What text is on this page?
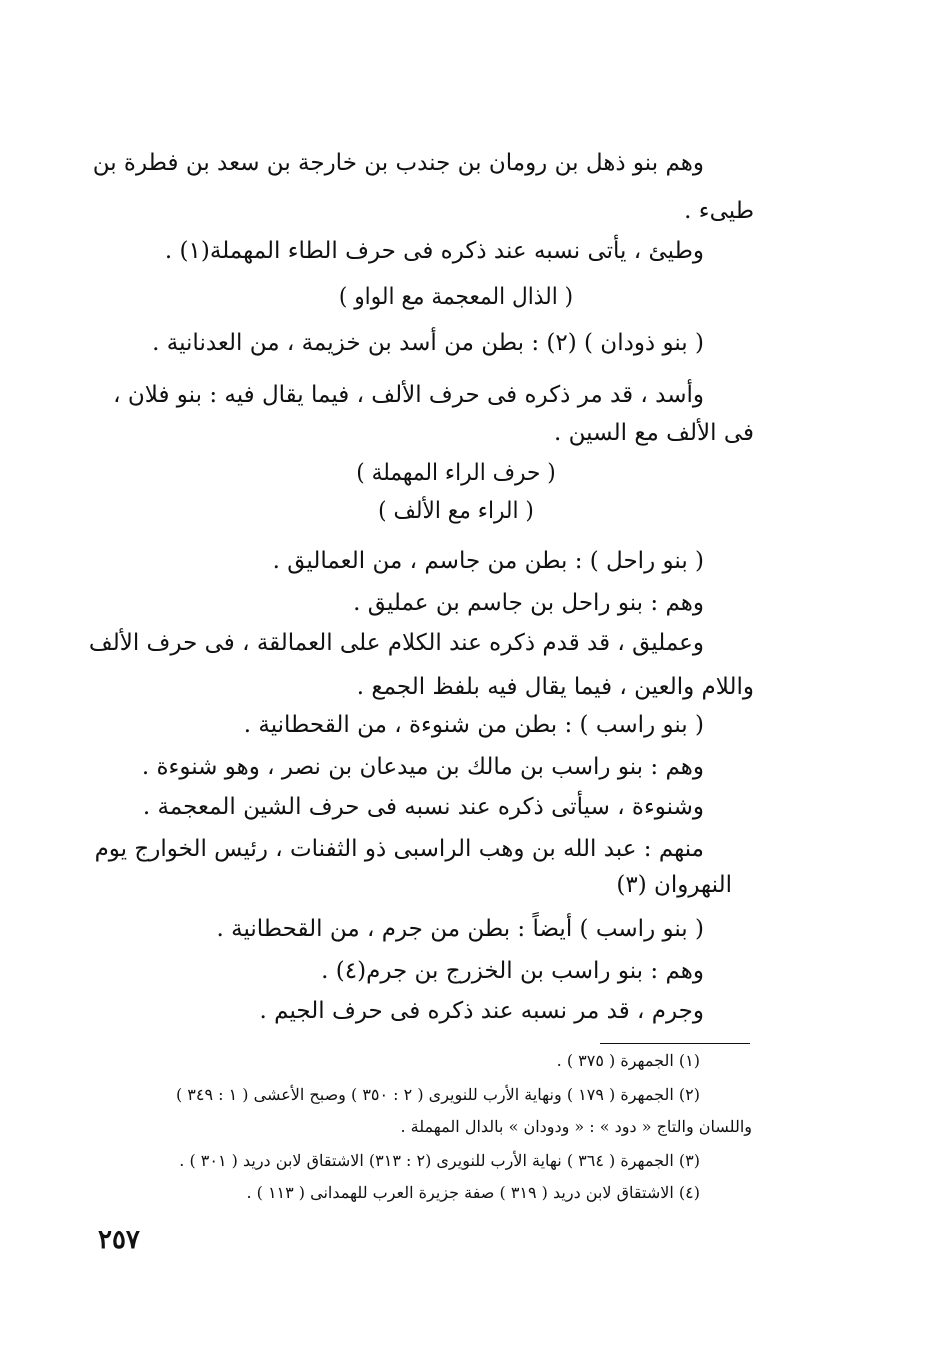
وهم بنو ذهل بن رومان بن جندب بن خارجة بن سعد بن فطرة بن
طيىء .
وطيئ ، يأتى نسبه عند ذكره فى حرف الطاء المهملة(١) .
( الذال المعجمة مع الواو )
( بنو ذودان ) (٢) : بطن من أسد بن خزيمة ، من العدنانية .
وأسد ، قد مر ذكره فى حرف الألف ، فيما يقال فيه : بنو فلان ،
فى الألف مع السين .
( حرف الراء المهملة )
( الراء مع الألف )
( بنو راحل ) : بطن من جاسم ، من العماليق .
وهم : بنو راحل بن جاسم بن عمليق .
وعمليق ، قد قدم ذكره عند الكلام على العمالقة ، فى حرف الألف
واللام والعين ، فيما يقال فيه بلفظ الجمع .
( بنو راسب ) : بطن من شنوءة ، من القحطانية .
وهم : بنو راسب بن مالك بن ميدعان بن نصر ، وهو شنوءة .
وشنوءة ، سيأتى ذكره عند نسبه فى حرف الشين المعجمة .
منهم : عبد الله بن وهب الراسبى ذو الثفنات ، رئيس الخوارج يوم
النهروان (٣)
( بنو راسب ) أيضاً : بطن من جرم ، من القحطانية .
وهم : بنو راسب بن الخزرج بن جرم(٤) .
وجرم ، قد مر نسبه عند ذكره فى حرف الجيم .
(١) الجمهرة ( ٣٧٥ ) .
(٢) الجمهرة ( ١٧٩ ) ونهاية الأرب للنويرى ( ٢ : ٣٥٠ ) وصبح الأعشى ( ١ : ٣٤٩ )
واللسان والتاج « دود » : « ودودان » بالدال المهملة .
(٣) الجمهرة ( ٣٦٤ ) نهاية الأرب للنويرى (٢ : ٣١٣) الاشتقاق لابن دريد ( ٣٠١ ) .
(٤) الاشتقاق لابن دريد ( ٣١٩ ) صفة جزيرة العرب للهمدانى ( ١١٣ ) .
٢٥٧
